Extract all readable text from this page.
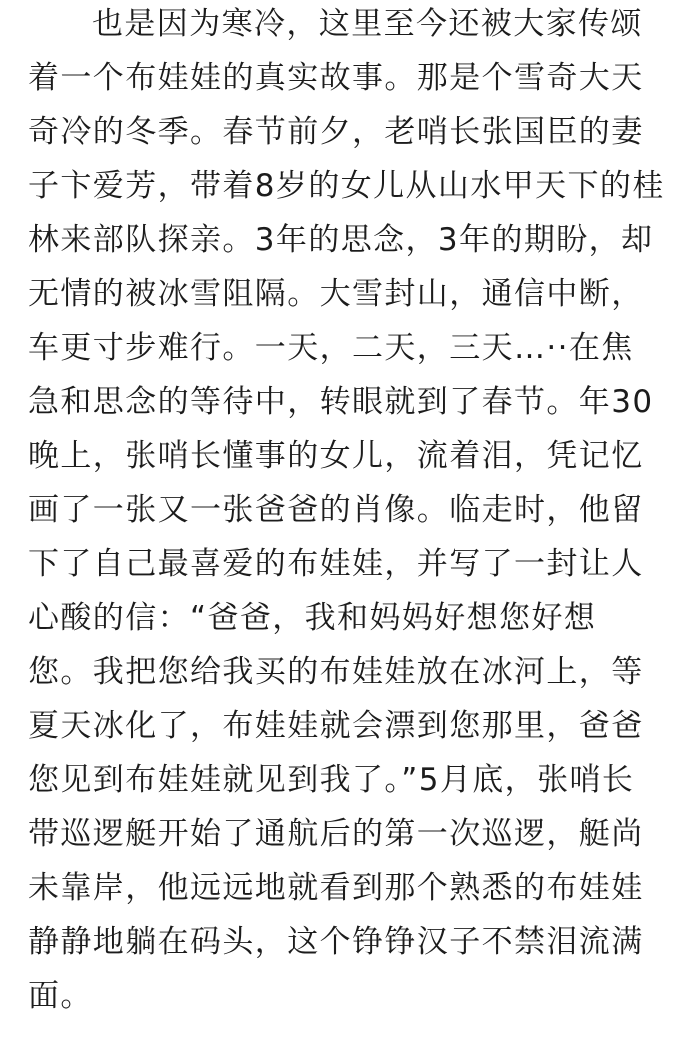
也是因为寒冷，这里至今还被大家传颂
着一个布娃娃的真实故事。那是个雪奇大天
奇冷的冬季。春节前夕，老哨长张国臣的妻
子卞爱芳，带着8岁的女儿从山水甲天下的桂
林来部队探亲。3年的思念，3年的期盼，却
无情的被冰雪阻隔。大雪封山，通信中断，
车更寸步难行。一天，二天，三天…··在焦
急和思念的等待中，转眼就到了春节。年30
晚上，张哨长懂事的女儿，流着泪，凭记忆
画了一张又一张爸爸的肖像。临走时，他留
下了自己最喜爱的布娃娃，并写了一封让人
心酸的信：“爸爸，我和妈妈好想您好想
您。我把您给我买的布娃娃放在冰河上，等
夏天冰化了，布娃娃就会漂到您那里，爸爸
您见到布娃娃就见到我了。”5月底，张哨长
带巡逻艇开始了通航后的第一次巡逻，艇尚
未靠岸，他远远地就看到那个熟悉的布娃娃
静静地躺在码头，这个铮铮汉子不禁泪流满
面。
